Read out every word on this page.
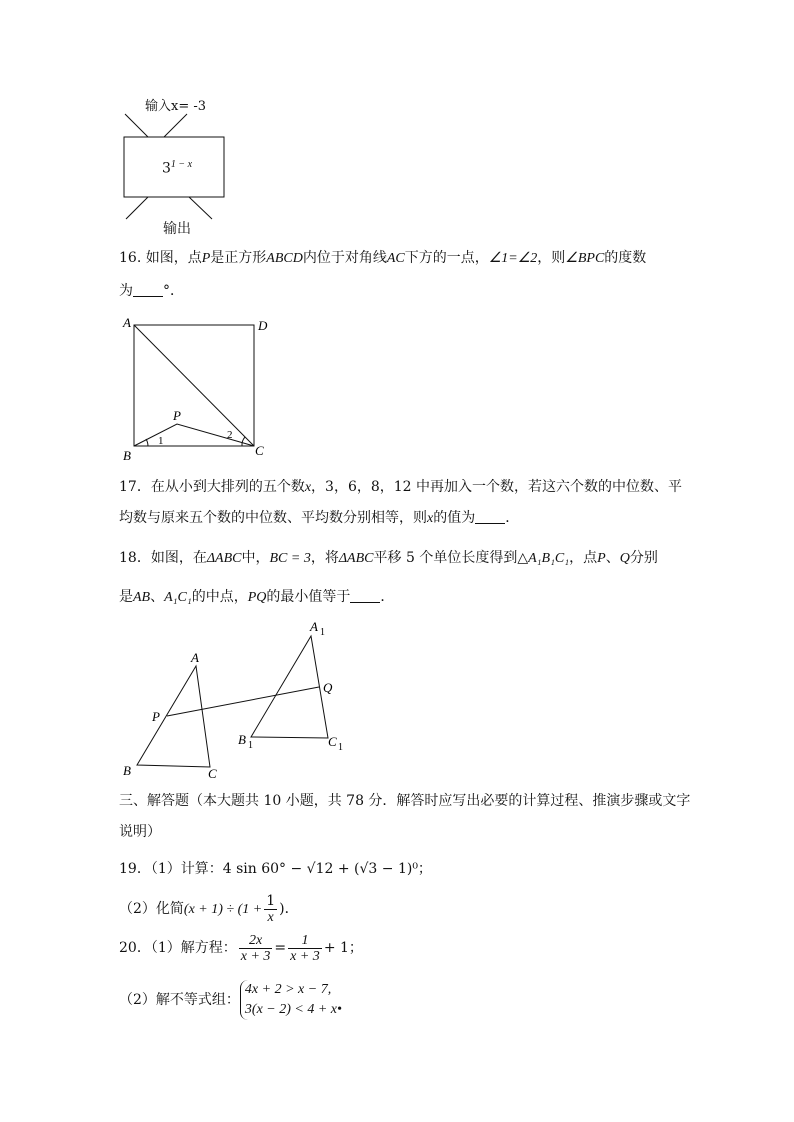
输入x= -3
$3^{1 - x}$
输出
16. 如图，点P是正方形ABCD内位于对角线AC下方的一点，∠1=∠2，则∠BPC的度数
为 °．
A	D
B	C
P
1	2
17．在从小到大排列的五个数x，3，6，8，12 中再加入一个数，若这六个数的中位数、平
均数与原来五个数的中位数、平均数分别相等，则x的值为 ．
18．如图，在ΔABC中，BC = 3，将ΔABC平移 5 个单位长度得到△A₁B₁C₁，点P、Q分别
是AB、A₁C₁的中点，PQ的最小值等于 ．
A
B	C
P
Q
A 1
B 1	C 1
三、解答题（本大题共 10 小题，共 78 分．解答时应写出必要的计算过程、推演步骤或文字
说明）
19．（1）计算：4 sin 60° − √12 + (√3 − 1)⁰；
（2）化简$(x + 1) \div (1 + \frac{1}{x}$ )．
20．（1）解方程： $\frac{2x}{x + 3} = \frac{1}{x + 3} + 1$；
（2）解不等式组：
4x + 2 > x − 7,
3(x − 2) < 4 + x•
